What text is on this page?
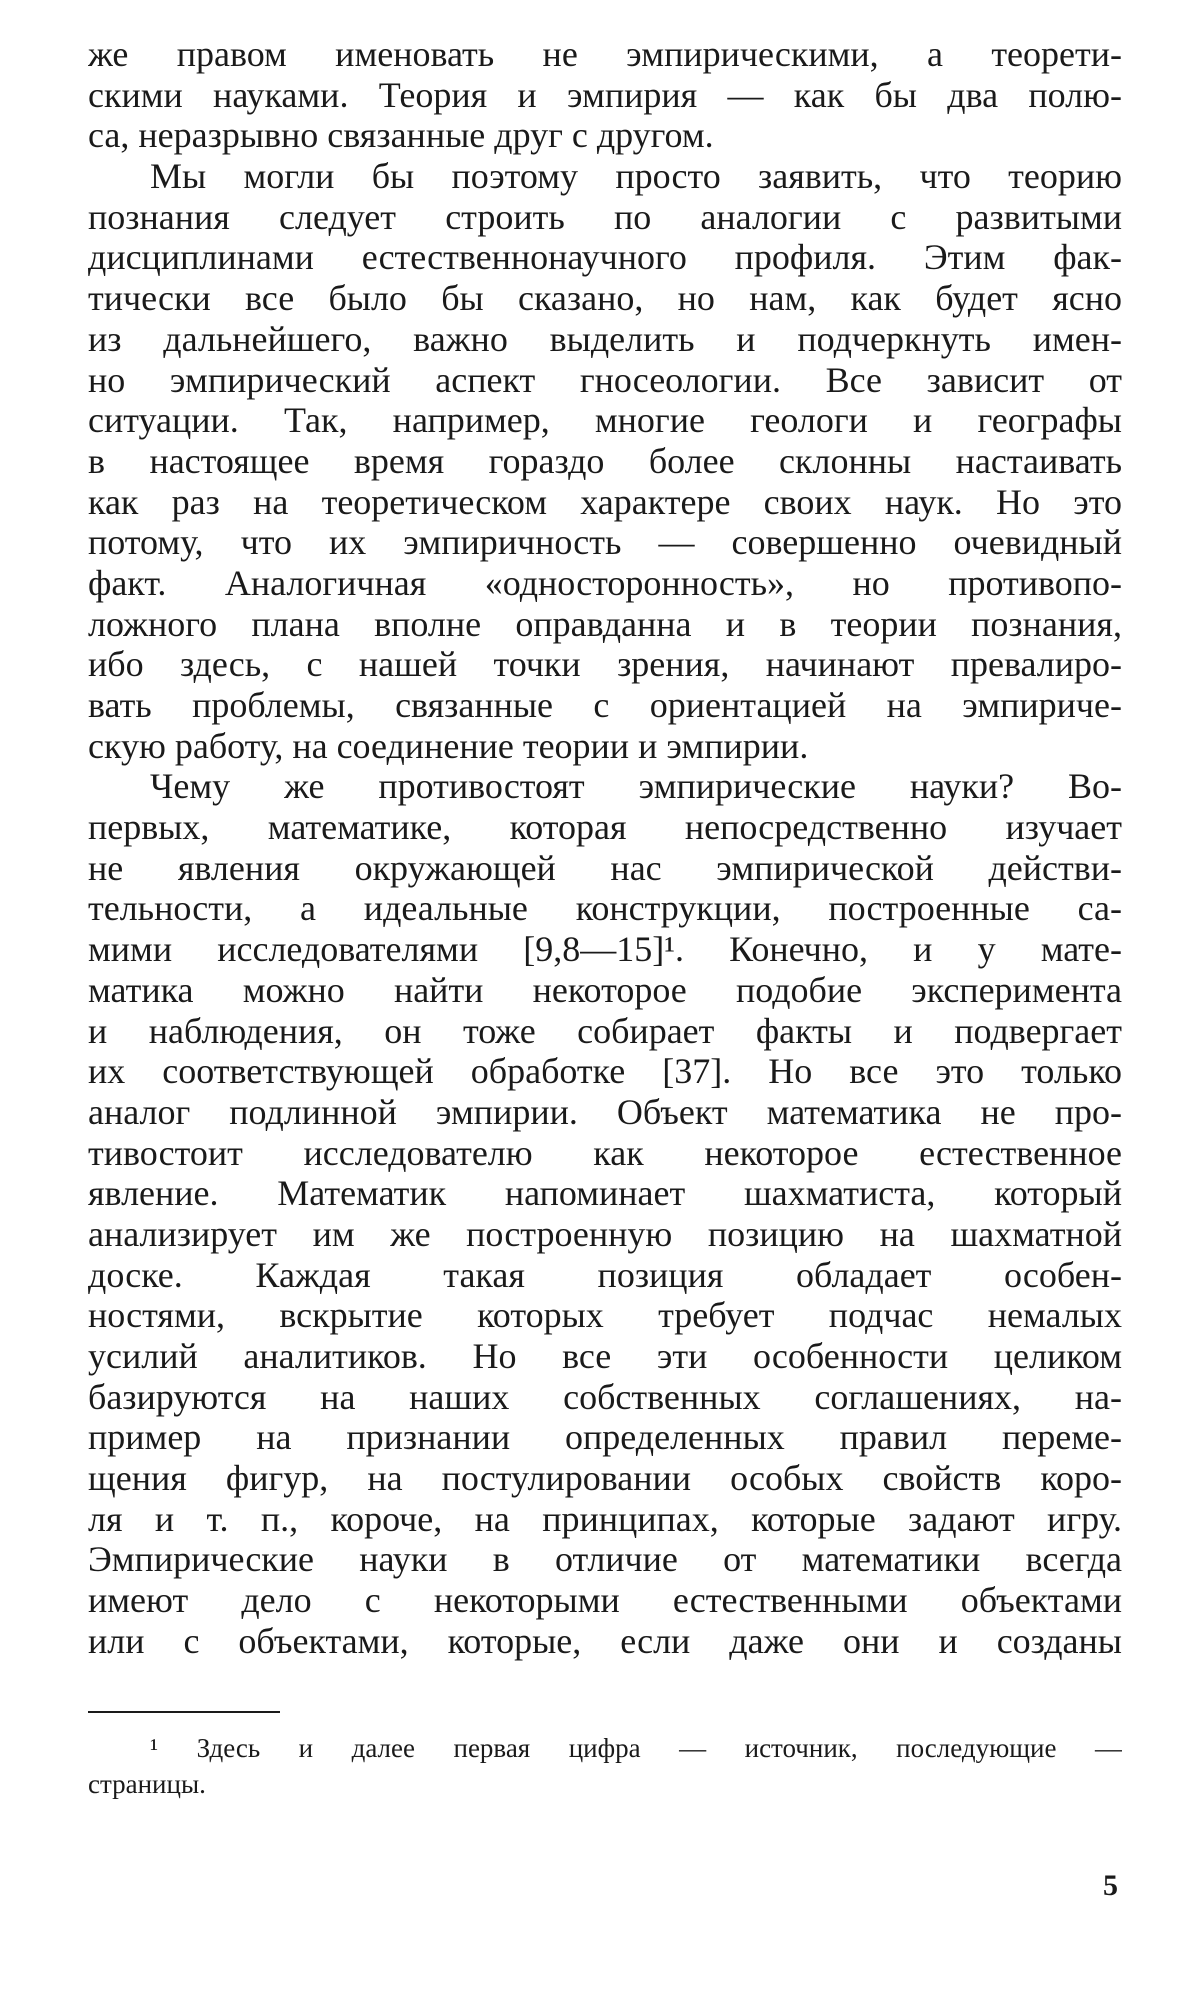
же правом именовать не эмпирическими, а теорети-
скими науками. Теория и эмпирия — как бы два полю-
са, неразрывно связанные друг с другом.
Мы могли бы поэтому просто заявить, что теорию
познания следует строить по аналогии с развитыми
дисциплинами естественнонаучного профиля. Этим фак-
тически все было бы сказано, но нам, как будет ясно
из дальнейшего, важно выделить и подчеркнуть имен-
но эмпирический аспект гносеологии. Все зависит от
ситуации. Так, например, многие геологи и географы
в настоящее время гораздо более склонны настаивать
как раз на теоретическом характере своих наук. Но это
потому, что их эмпиричность — совершенно очевидный
факт. Аналогичная «односторонность», но противопо-
ложного плана вполне оправданна и в теории познания,
ибо здесь, с нашей точки зрения, начинают превалиро-
вать проблемы, связанные с ориентацией на эмпириче-
скую работу, на соединение теории и эмпирии.
Чему же противостоят эмпирические науки? Во-
первых, математике, которая непосредственно изучает
не явления окружающей нас эмпирической действи-
тельности, а идеальные конструкции, построенные са-
мими исследователями [9,8—15]¹. Конечно, и у мате-
матика можно найти некоторое подобие эксперимента
и наблюдения, он тоже собирает факты и подвергает
их соответствующей обработке [37]. Но все это только
аналог подлинной эмпирии. Объект математика не про-
тивостоит исследователю как некоторое естественное
явление. Математик напоминает шахматиста, который
анализирует им же построенную позицию на шахматной
доске. Каждая такая позиция обладает особен-
ностями, вскрытие которых требует подчас немалых
усилий аналитиков. Но все эти особенности целиком
базируются на наших собственных соглашениях, на-
пример на признании определенных правил переме-
щения фигур, на постулировании особых свойств коро-
ля и т. п., короче, на принципах, которые задают игру.
Эмпирические науки в отличие от математики всегда
имеют дело с некоторыми естественными объектами
или с объектами, которые, если даже они и созданы
¹ Здесь и далее первая цифра — источник, последующие —
страницы.
5
